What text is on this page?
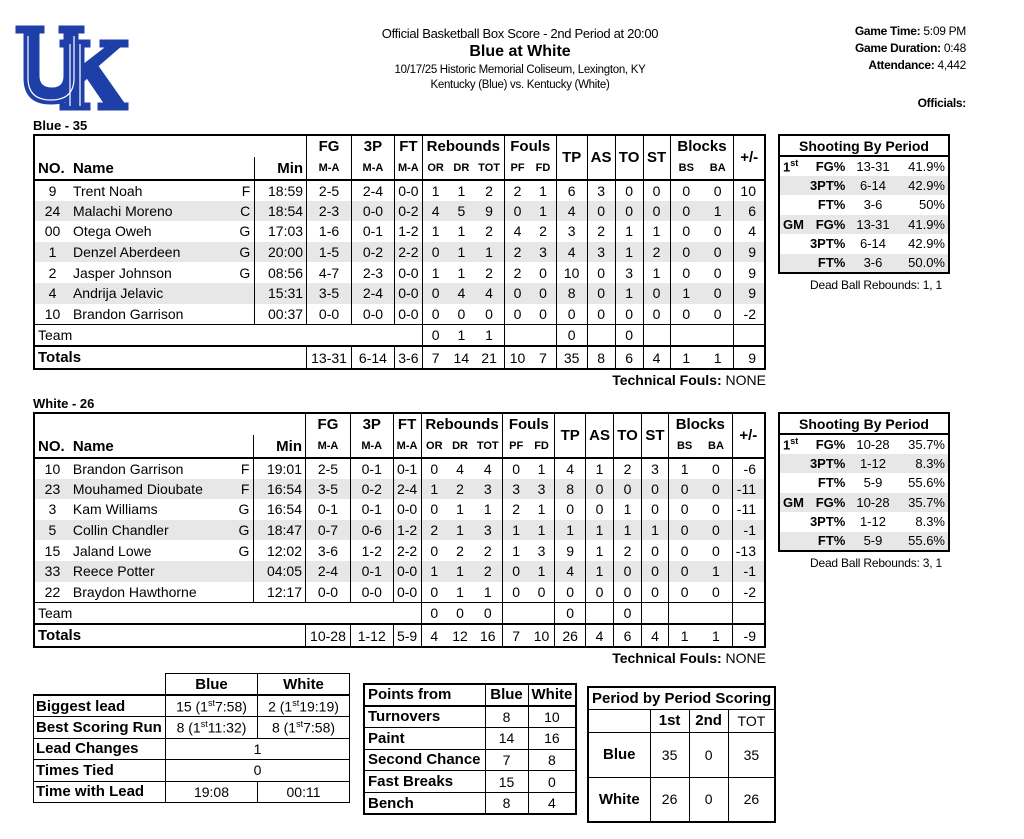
®
Official Basketball Box Score - 2nd Period at 20:00
Blue at White
10/17/25 Historic Memorial Coliseum, Lexington, KY
Kentucky (Blue) vs. Kentucky (White)
Game Time: 5:09 PM
Game Duration: 0:48
Attendance: 4,442
Officials:
Blue - 35
			FG	3P	FT	Rebounds			Fouls		TP	AS	TO	ST	Blocks		+/-
NO.	Name	Min	M-A	M-A	M-A	OR	DR	TOT	PF	FD					BS	BA	
9	Trent Noah F	18:59	2-5	2-4	0-0	1	1	2	2	1	6	3	0	0	0	0	10
24	Malachi Moreno C	18:54	2-3	0-0	0-2	4	5	9	0	1	4	0	0	0	0	1	6
00	Otega Oweh G	17:03	1-6	0-1	1-2	1	1	2	4	2	3	2	1	1	0	0	4
1	Denzel Aberdeen G	20:00	1-5	0-2	2-2	0	1	1	2	3	4	3	1	2	0	0	9
2	Jasper Johnson G	08:56	4-7	2-3	0-0	1	1	2	2	0	10	0	3	1	0	0	9
4	Andrija Jelavic	15:31	3-5	2-4	0-0	0	4	4	0	0	8	0	1	0	1	0	9
10	Brandon Garrison	00:37	0-0	0-0	0-0	0	0	0	0	0	0	0	0	0	0	0	-2
Team						0	1	1			0		0				
Totals			13-31	6-14	3-6	7	14	21	10	7	35	8	6	4	1	1	9
Technical Fouls: NONE
Shooting By Period			
1st	FG%	13-31	41.9%
	3PT%	6-14	42.9%
	FT%	3-6	50%
GM	FG%	13-31	41.9%
	3PT%	6-14	42.9%
	FT%	3-6	50.0%
Dead Ball Rebounds: 1, 1
White - 26
			FG	3P	FT	Rebounds			Fouls		TP	AS	TO	ST	Blocks		+/-
NO.	Name	Min	M-A	M-A	M-A	OR	DR	TOT	PF	FD					BS	BA	
10	Brandon Garrison F	19:01	2-5	0-1	0-1	0	4	4	0	1	4	1	2	3	1	0	-6
23	Mouhamed Dioubate F	16:54	3-5	0-2	2-4	1	2	3	3	3	8	0	0	0	0	0	-11
3	Kam Williams G	16:54	0-1	0-1	0-0	0	1	1	2	1	0	0	1	0	0	0	-11
5	Collin Chandler G	18:47	0-7	0-6	1-2	2	1	3	1	1	1	1	1	1	0	0	-1
15	Jaland Lowe G	12:02	3-6	1-2	2-2	0	2	2	1	3	9	1	2	0	0	0	-13
33	Reece Potter	04:05	2-4	0-1	0-0	1	1	2	0	1	4	1	0	0	0	1	-1
22	Braydon Hawthorne	12:17	0-0	0-0	0-0	0	1	1	0	0	0	0	0	0	0	0	-2
Team						0	0	0			0		0				
Totals			10-28	1-12	5-9	4	12	16	7	10	26	4	6	4	1	1	-9
Technical Fouls: NONE
Shooting By Period			
1st	FG%	10-28	35.7%
	3PT%	1-12	8.3%
	FT%	5-9	55.6%
GM	FG%	10-28	35.7%
	3PT%	1-12	8.3%
	FT%	5-9	55.6%
Dead Ball Rebounds: 3, 1
	Blue	White
Biggest lead	15 (1st7:58)	2 (1st19:19)
Best Scoring Run	8 (1st11:32)	8 (1st7:58)
Lead Changes	1	
Times Tied	0	
Time with Lead	19:08	00:11
Points from	Blue	White
Turnovers	8	10
Paint	14	16
Second Chance	7	8
Fast Breaks	15	0
Bench	8	4
Period by Period Scoring			
	1st	2nd	TOT
Blue	35	0	35
White	26	0	26
